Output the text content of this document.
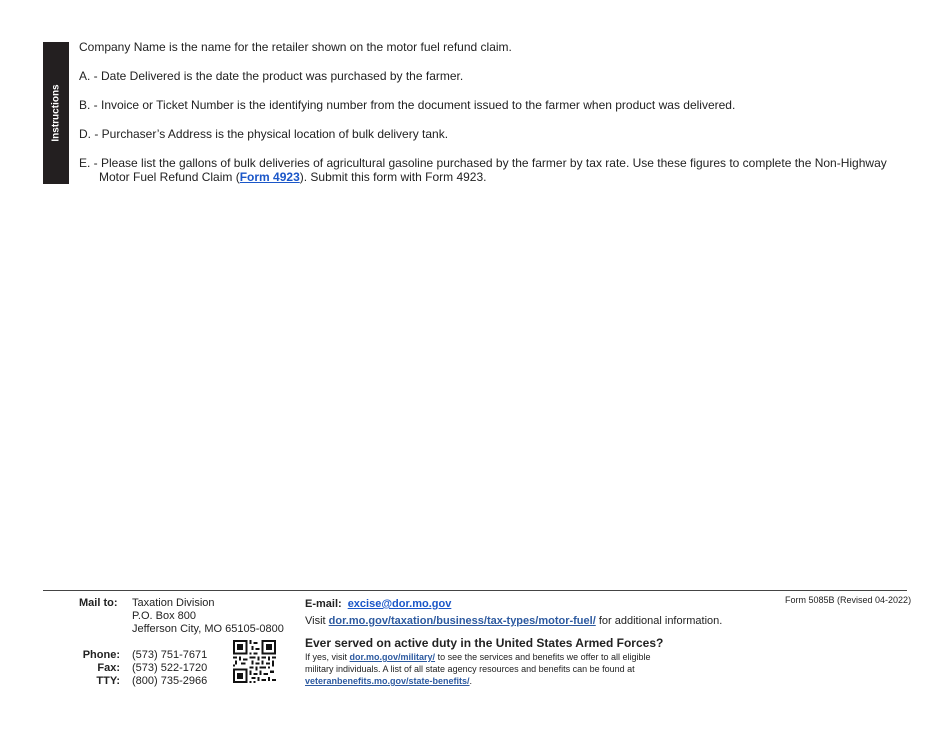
Instructions

Company Name is the name for the retailer shown on the motor fuel refund claim.

A. - Date Delivered is the date the product was purchased by the farmer.

B. - Invoice or Ticket Number is the identifying number from the document issued to the farmer when product was delivered.

D. - Purchaser’s Address is the physical location of bulk delivery tank.

E. - Please list the gallons of bulk deliveries of agricultural gasoline purchased by the farmer by tax rate. Use these figures to complete the Non-Highway Motor Fuel Refund Claim (Form 4923). Submit this form with Form 4923.

Mail to: Taxation Division
P.O. Box 800
Jefferson City, MO 65105-0800
Phone:
Fax:
TTY:
(573) 751-7671
(573) 522-1720
(800) 735-2966
E-mail: excise@dor.mo.gov
Visit dor.mo.gov/taxation/business/tax-types/motor-fuel/ for additional information.
Ever served on active duty in the United States Armed Forces?
If yes, visit dor.mo.gov/military/ to see the services and benefits we offer to all eligible military individuals. A list of all state agency resources and benefits can be found at veteranbenefits.mo.gov/state-benefits/.
Form 5085B (Revised 04-2022)
